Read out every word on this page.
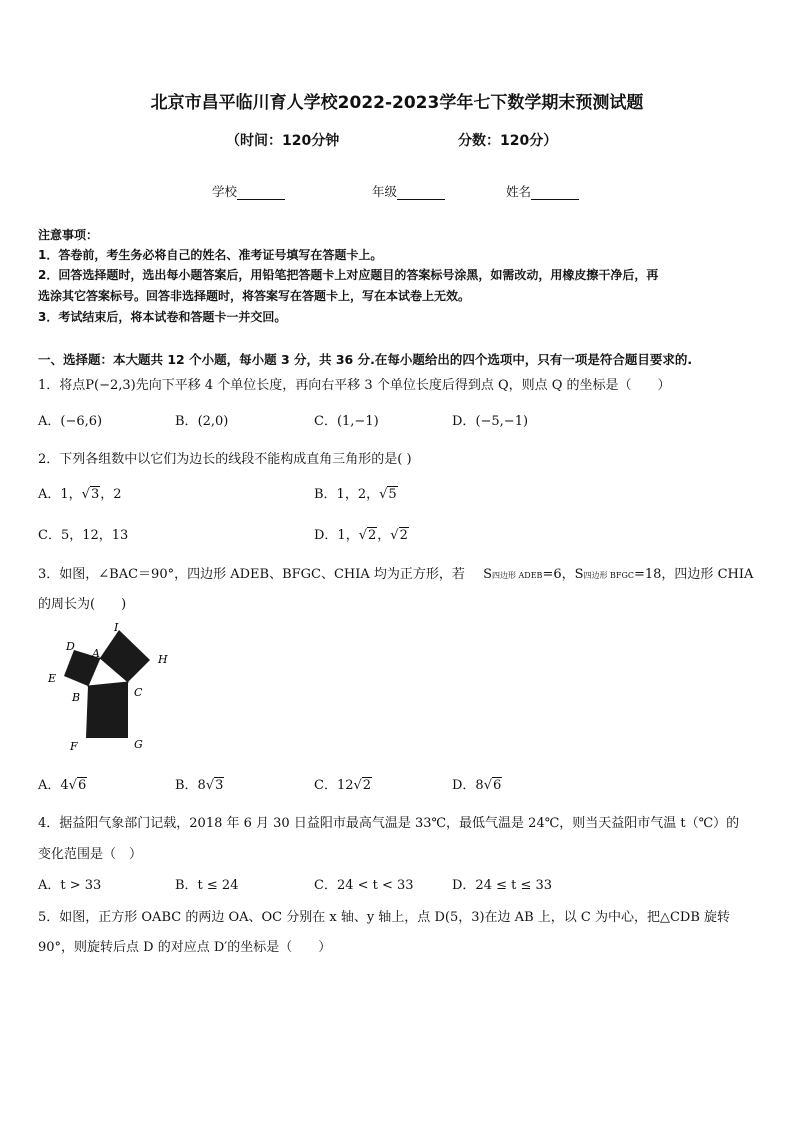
北京市昌平临川育人学校2022-2023学年七下数学期末预测试题
（时间：120分钟	分数：120分）
学校	年级	姓名
注意事项：
1．答卷前，考生务必将自己的姓名、准考证号填写在答题卡上。
2．回答选择题时，选出每小题答案后，用铅笔把答题卡上对应题目的答案标号涂黑，如需改动，用橡皮擦干净后，再
选涂其它答案标号。回答非选择题时，将答案写在答题卡上，写在本试卷上无效。
3．考试结束后，将本试卷和答题卡一并交回。
一、选择题：本大题共 12 个小题，每小题 3 分，共 36 分.在每小题给出的四个选项中，只有一项是符合题目要求的.
1．将点P(−2,3)先向下平移 4 个单位长度，再向右平移 3 个单位长度后得到点 Q，则点 Q 的坐标是（　　）
A．(−6,6)	B．(2,0)	C．(1,−1)	D．(−5,−1)
2．下列各组数中以它们为边长的线段不能构成直角三角形的是( )
A．1，√3，2	B．1，2，√5
C．5，12，13	D．1，√2，√2
3．如图，∠BAC＝90°，四边形 ADEB、BFGC、CHIA 均为正方形，若 S四边形 ADEB=6，S四边形 BFGC=18，四边形 CHIA
的周长为(　　)
D
A
I
H
E
B	C
F	G
A．4√6	B．8√3	C．12√2	D．8√6
4．据益阳气象部门记载，2018 年 6 月 30 日益阳市最高气温是 33℃，最低气温是 24℃，则当天益阳市气温 t（℃）的
变化范围是（　）
A．t > 33	B．t ≤ 24	C．24 < t < 33	D．24 ≤ t ≤ 33
5．如图，正方形 OABC 的两边 OA、OC 分别在 x 轴、y 轴上，点 D(5，3)在边 AB 上，以 C 为中心，把△CDB 旋转
90°，则旋转后点 D 的对应点 D′的坐标是（　　）
